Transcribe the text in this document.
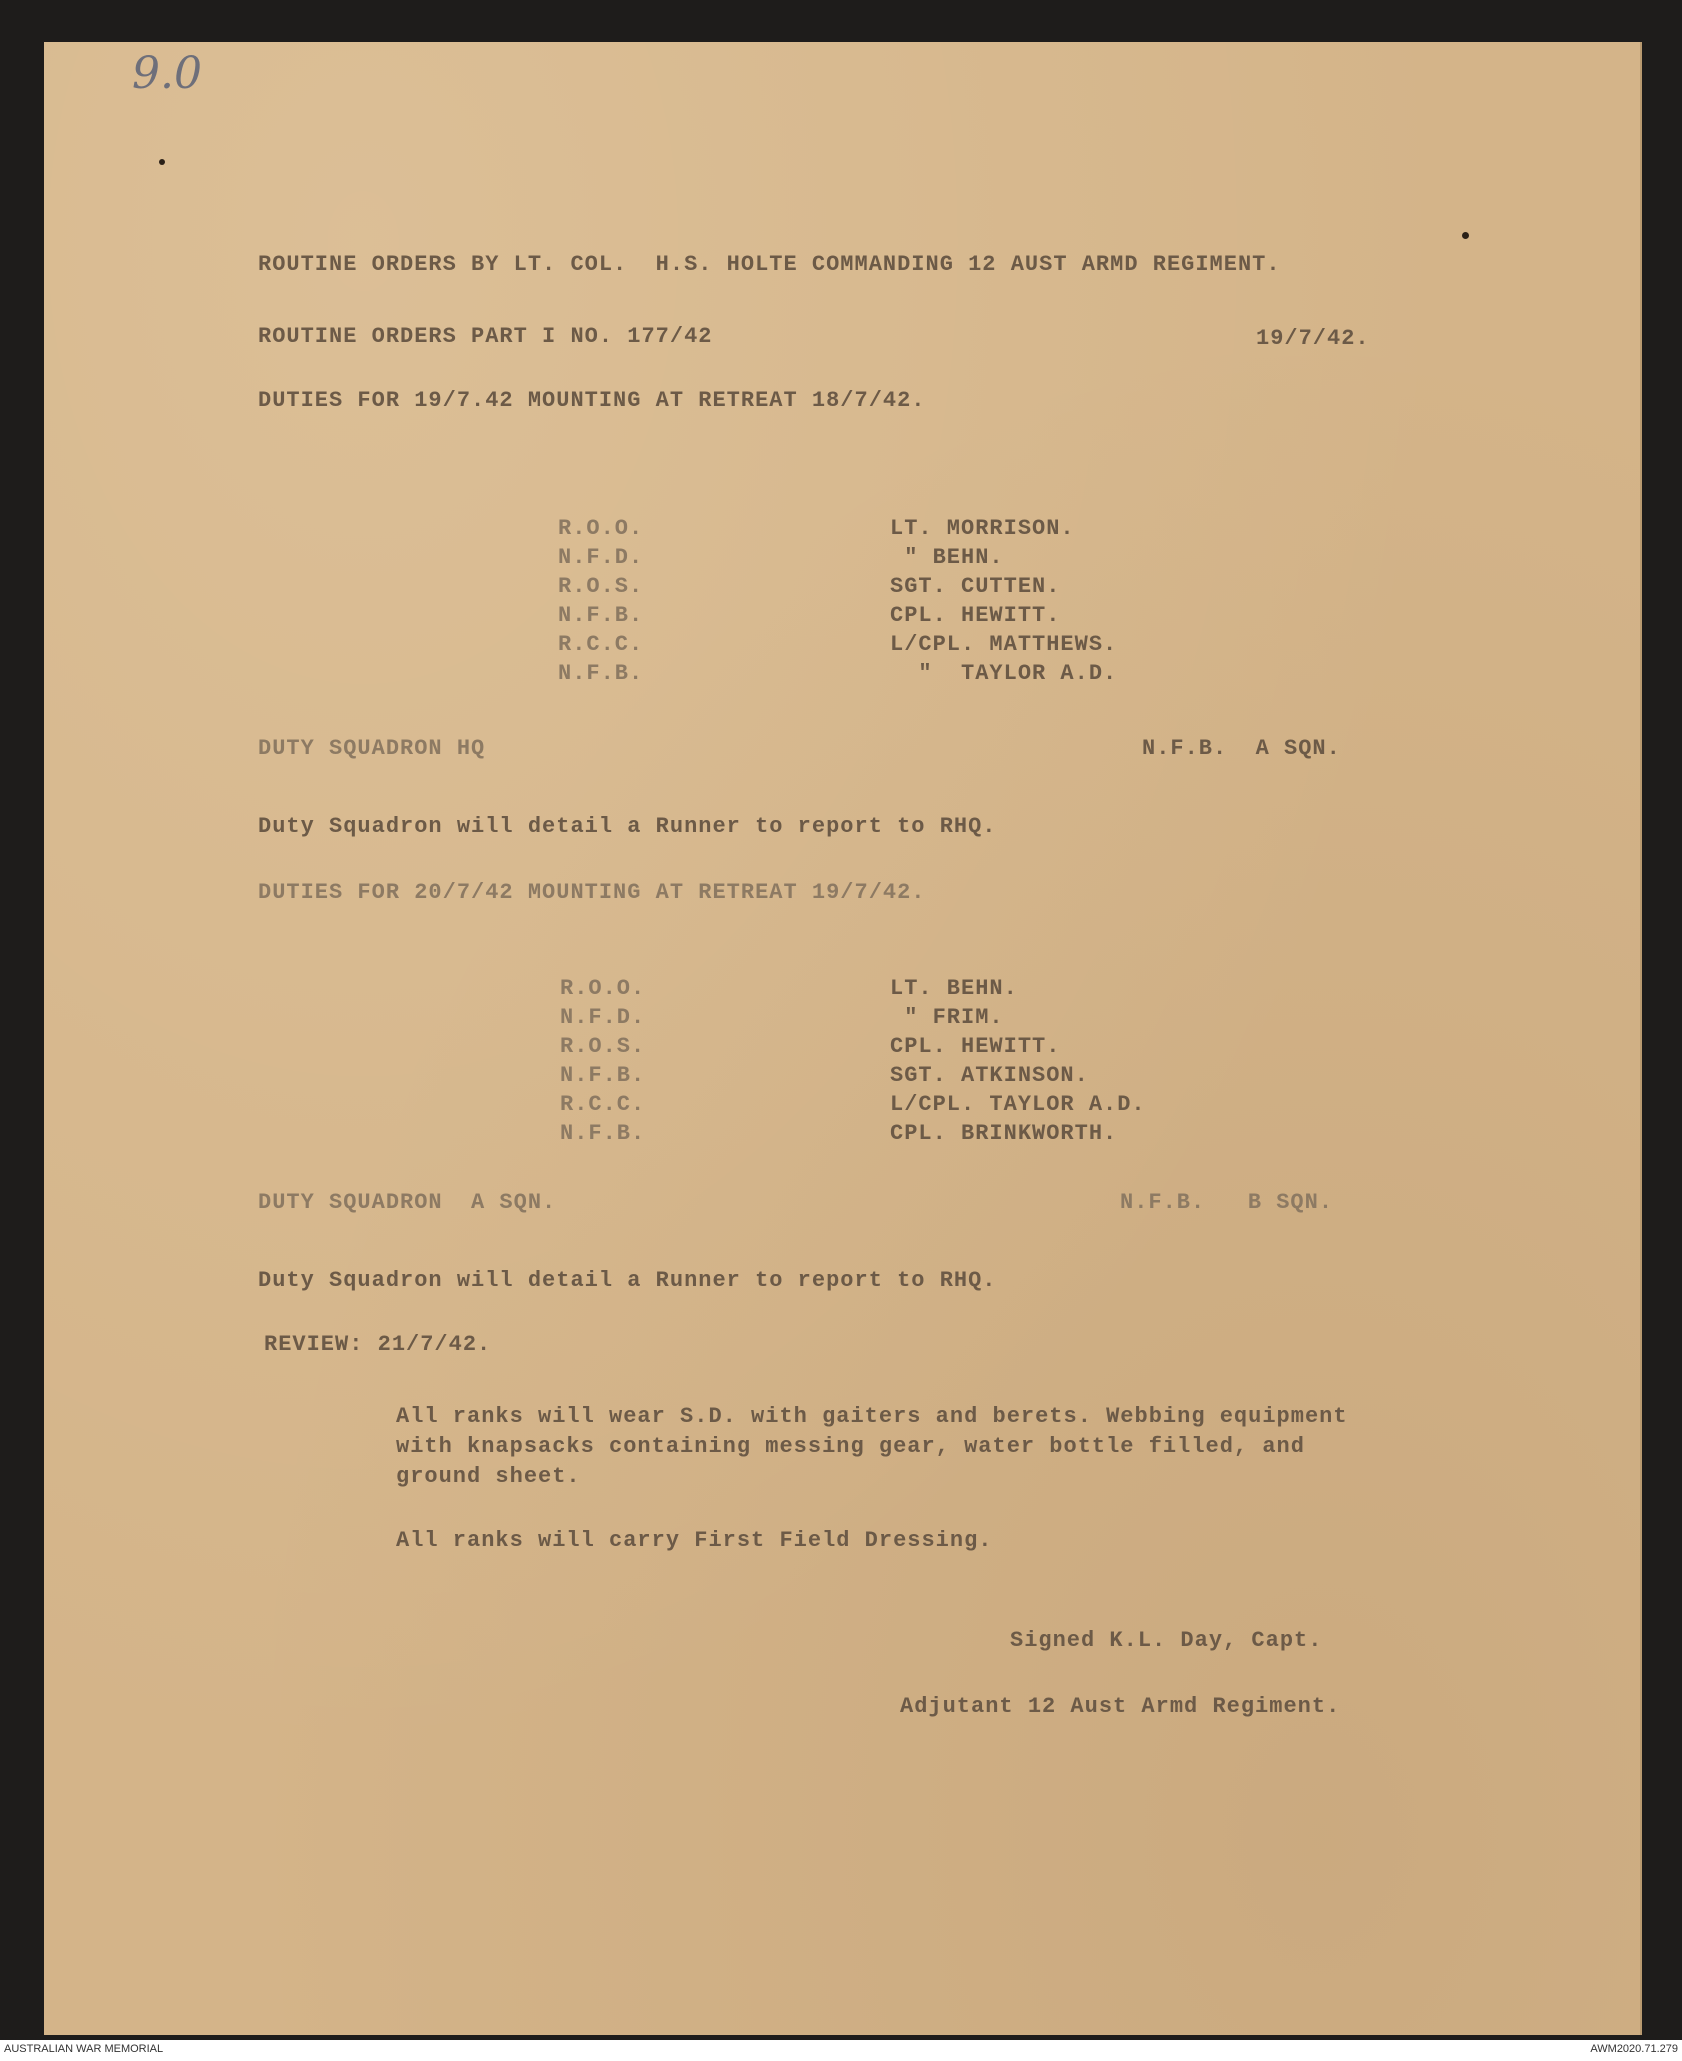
9.0
ROUTINE ORDERS BY LT. COL.  H.S. HOLTE COMMANDING 12 AUST ARMD REGIMENT.
ROUTINE ORDERS PART I NO. 177/42	19/7/42.
DUTIES FOR 19/7.42 MOUNTING AT RETREAT 18/7/42.
R.O.O.	LT. MORRISON.
N.F.D.	" BEHN.
R.O.S.	SGT. CUTTEN.
N.F.B.	CPL. HEWITT.
R.C.C.	L/CPL. MATTHEWS.
N.F.B.	"  TAYLOR A.D.
DUTY SQUADRON HQ	N.F.B.  A SQN.
Duty Squadron will detail a Runner to report to RHQ.
DUTIES FOR 20/7/42 MOUNTING AT RETREAT 19/7/42.
R.O.O.	LT. BEHN.
N.F.D.	" FRIM.
R.O.S.	CPL. HEWITT.
N.F.B.	SGT. ATKINSON.
R.C.C.	L/CPL. TAYLOR A.D.
N.F.B.	CPL. BRINKWORTH.
DUTY SQUADRON  A SQN.	N.F.B.   B SQN.
Duty Squadron will detail a Runner to report to RHQ.
REVIEW: 21/7/42.
All ranks will wear S.D. with gaiters and berets. Webbing equipment
with knapsacks containing messing gear, water bottle filled, and
ground sheet.
All ranks will carry First Field Dressing.
Signed K.L. Day, Capt.
Adjutant 12 Aust Armd Regiment.
AUSTRALIAN WAR MEMORIAL	AWM2020.71.279
